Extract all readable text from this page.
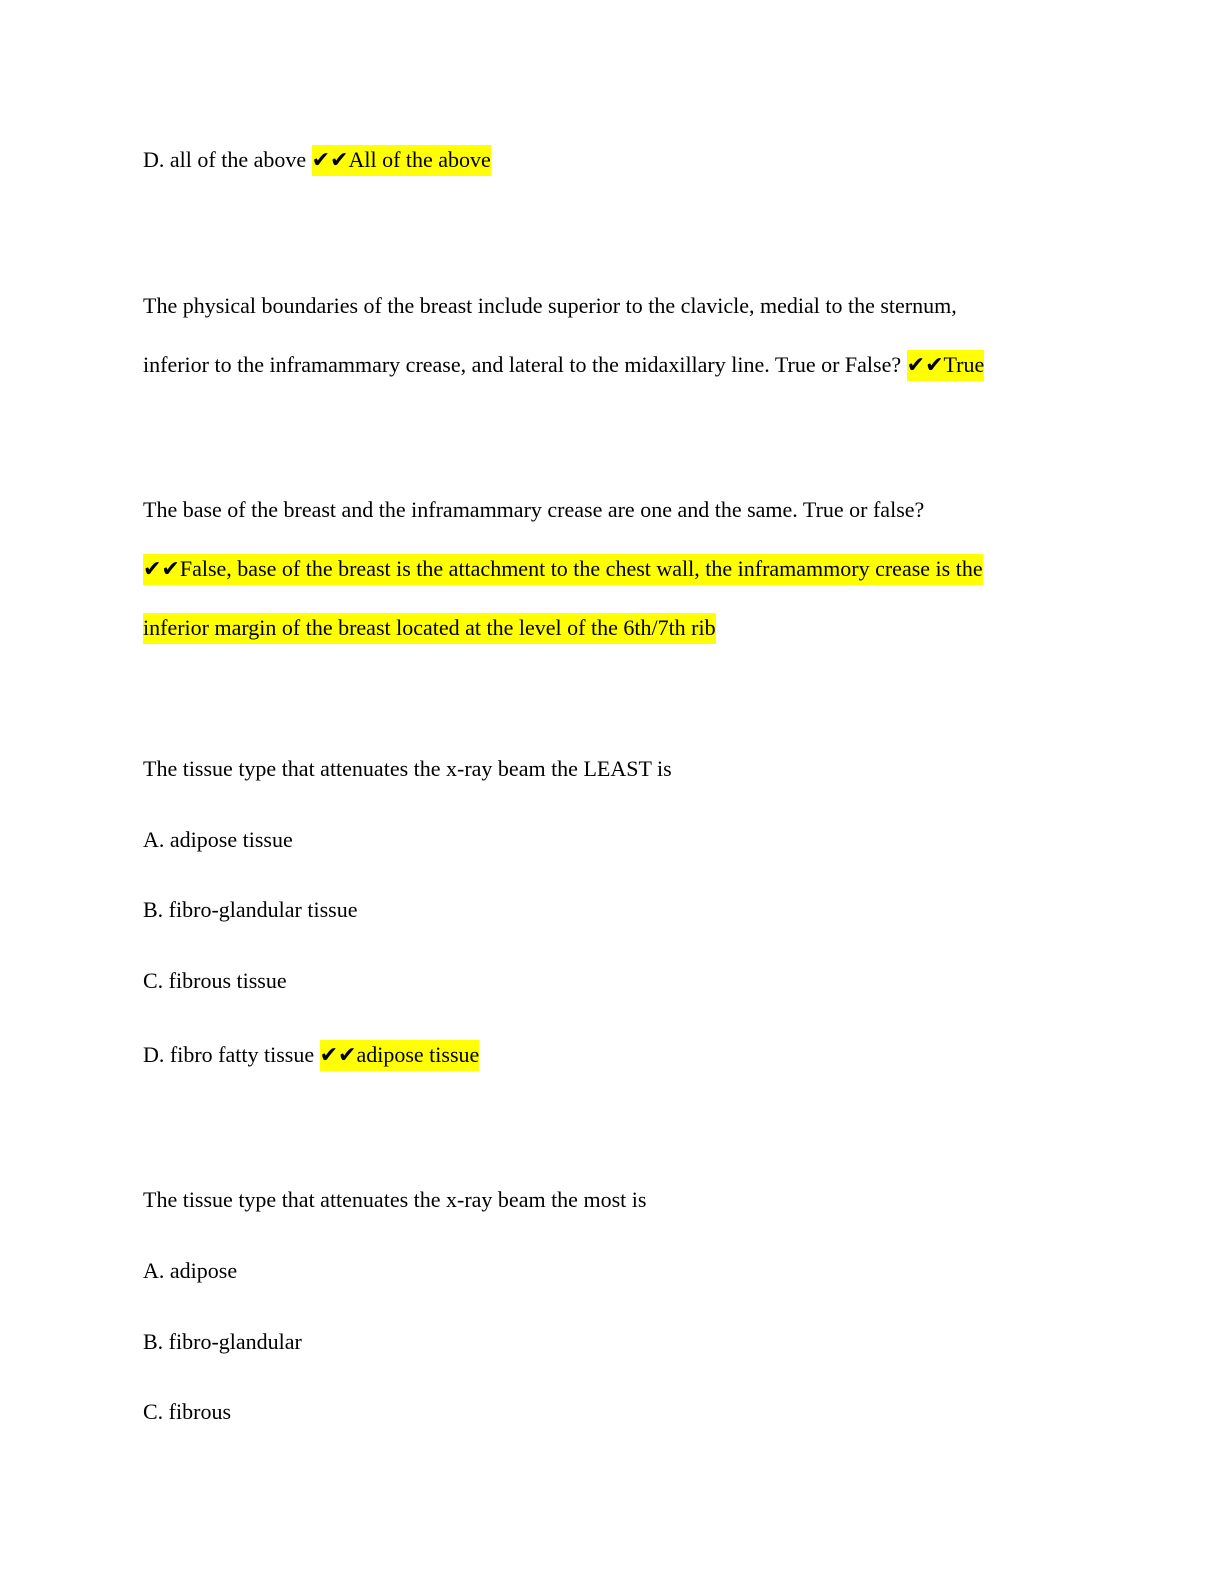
D. all of the above ✔✔All of the above
The physical boundaries of the breast include superior to the clavicle, medial to the sternum,
inferior to the inframammary crease, and lateral to the midaxillary line. True or False? ✔✔True
The base of the breast and the inframammary crease are one and the same. True or false?
✔✔False, base of the breast is the attachment to the chest wall, the inframammory crease is the
inferior margin of the breast located at the level of the 6th/7th rib
The tissue type that attenuates the x-ray beam the LEAST is
A. adipose tissue
B. fibro-glandular tissue
C. fibrous tissue
D. fibro fatty tissue ✔✔adipose tissue
The tissue type that attenuates the x-ray beam the most is
A. adipose
B. fibro-glandular
C. fibrous
